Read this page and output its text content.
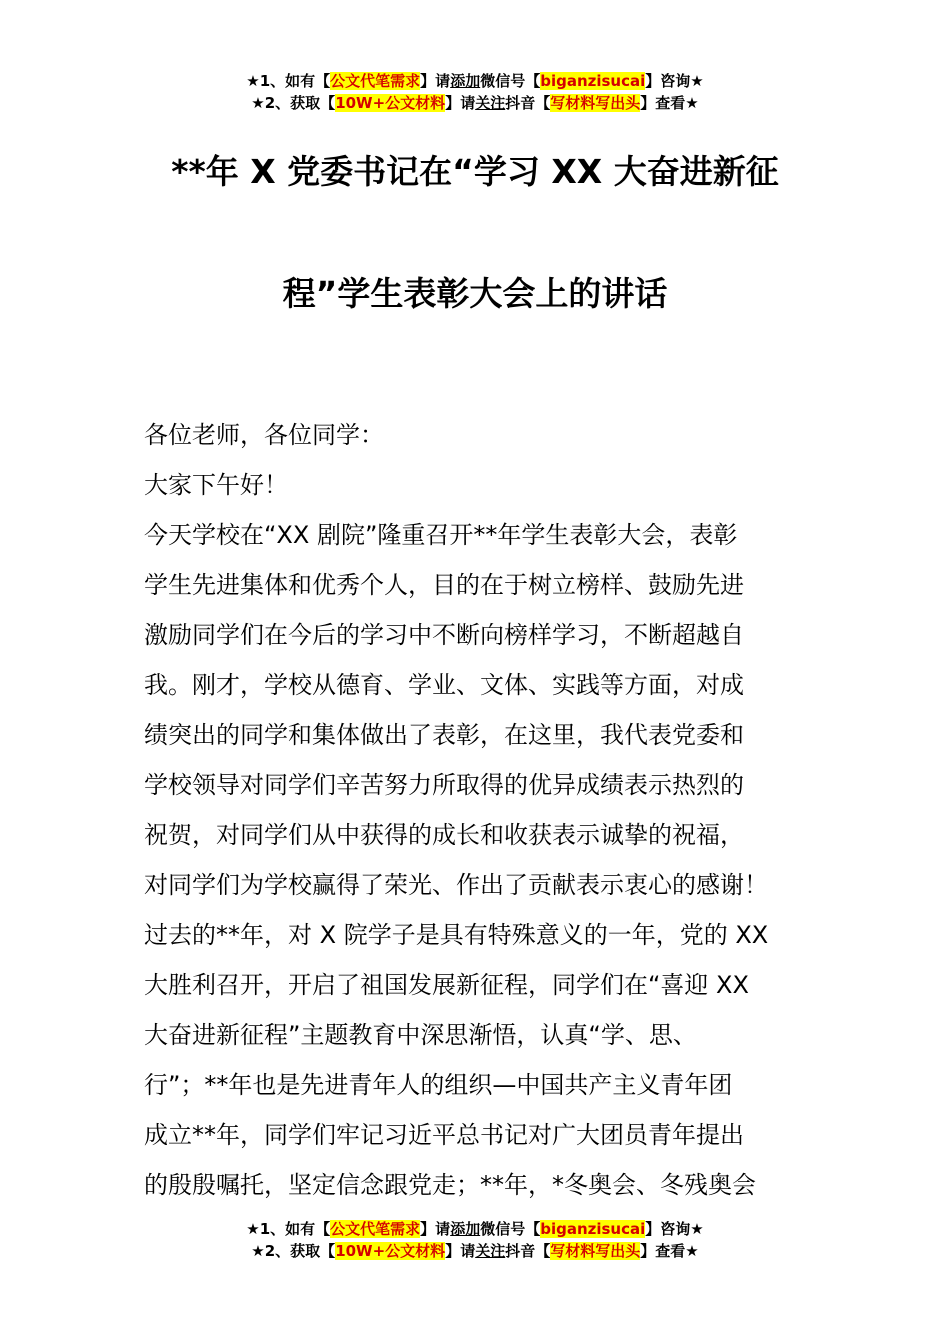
★1、如有【公文代笔需求】请添加微信号【biganzisucai】咨询★
★2、获取【10W+公文材料】请关注抖音【写材料写出头】查看★
**年 X 党委书记在“学习 XX 大奋进新征
程”学生表彰大会上的讲话
各位老师，各位同学：
大家下午好！
今天学校在“XX 剧院”隆重召开**年学生表彰大会，表彰
学生先进集体和优秀个人，目的在于树立榜样、鼓励先进
激励同学们在今后的学习中不断向榜样学习，不断超越自
我。刚才，学校从德育、学业、文体、实践等方面，对成
绩突出的同学和集体做出了表彰，在这里，我代表党委和
学校领导对同学们辛苦努力所取得的优异成绩表示热烈的
祝贺，对同学们从中获得的成长和收获表示诚挚的祝福，
对同学们为学校赢得了荣光、作出了贡献表示衷心的感谢！
过去的**年，对 X 院学子是具有特殊意义的一年，党的 XX
大胜利召开，开启了祖国发展新征程，同学们在“喜迎 XX
大奋进新征程”主题教育中深思渐悟，认真“学、思、
行”；**年也是先进青年人的组织—中国共产主义青年团
成立**年，同学们牢记习近平总书记对广大团员青年提出
的殷殷嘱托，坚定信念跟党走；**年，*冬奥会、冬残奥会
★1、如有【公文代笔需求】请添加微信号【biganzisucai】咨询★
★2、获取【10W+公文材料】请关注抖音【写材料写出头】查看★
